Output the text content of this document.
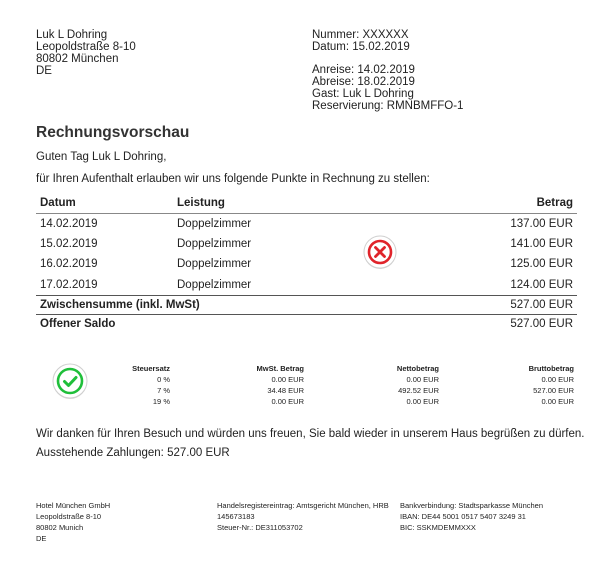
Luk L Dohring
Leopoldstraße 8-10
80802 München
DE
Nummer: XXXXXX
Datum: 15.02.2019
Anreise: 14.02.2019
Abreise: 18.02.2019
Gast: Luk L Dohring
Reservierung: RMNBMFFO-1
Rechnungsvorschau
Guten Tag Luk L Dohring,
für Ihren Aufenthalt erlauben wir uns folgende Punkte in Rechnung zu stellen:
Datum	Leistung	Betrag
14.02.2019	Doppelzimmer	137.00 EUR
15.02.2019	Doppelzimmer	141.00 EUR
16.02.2019	Doppelzimmer	125.00 EUR
17.02.2019	Doppelzimmer	124.00 EUR
Zwischensumme (inkl. MwSt)		527.00 EUR
Offener Saldo		527.00 EUR
Steuersatz	MwSt. Betrag	Nettobetrag	Bruttobetrag
0 %	0.00 EUR	0.00 EUR	0.00 EUR
7 %	34.48 EUR	492.52 EUR	527.00 EUR
19 %	0.00 EUR	0.00 EUR	0.00 EUR
Wir danken für Ihren Besuch und würden uns freuen, Sie bald wieder in unserem Haus begrüßen zu dürfen.
Ausstehende Zahlungen: 527.00 EUR
Hotel München GmbH
Leopoldstraße 8-10
80802 Munich
DE
Handelsregistereintrag: Amtsgericht München, HRB
145673183
Steuer-Nr.: DE311053702
Bankverbindung: Stadtsparkasse München
IBAN: DE44 5001 0517 5407 3249 31
BIC: SSKMDEMMXXX
